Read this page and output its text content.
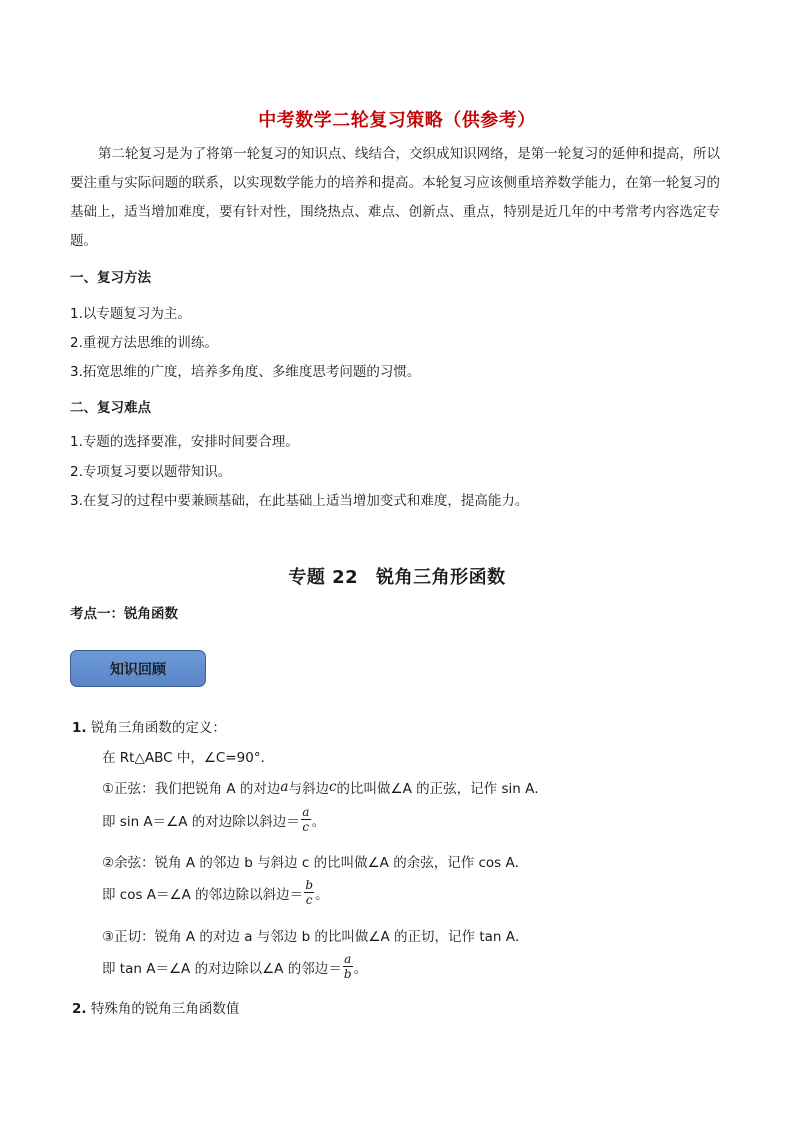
中考数学二轮复习策略（供参考）
第二轮复习是为了将第一轮复习的知识点、线结合，交织成知识网络，是第一轮复习的延伸和提高，所以要注重与实际问题的联系，以实现数学能力的培养和提高。本轮复习应该侧重培养数学能力，在第一轮复习的基础上，适当增加难度，要有针对性，围绕热点、难点、创新点、重点，特别是近几年的中考常考内容选定专题。
一、复习方法
1.以专题复习为主。
2.重视方法思维的训练。
3.拓宽思维的广度，培养多角度、多维度思考问题的习惯。
二、复习难点
1.专题的选择要准，安排时间要合理。
2.专项复习要以题带知识。
3.在复习的过程中要兼顾基础，在此基础上适当增加变式和难度，提高能力。
专题 22 锐角三角形函数
考点一：锐角函数
知识回顾
1. 锐角三角函数的定义：
在 Rt△ABC 中，∠C=90°．
①正弦：我们把锐角 A 的对边 a 与斜边 c 的比叫做∠A 的正弦，记作 sin A．
即 sin A＝∠A 的对边除以斜边＝ $\frac{a}{c}$ 。
②余弦：锐角 A 的邻边 b 与斜边 c 的比叫做∠A 的余弦，记作 cos A．
即 cos A＝∠A 的邻边除以斜边＝ $\frac{b}{c}$ 。
③正切：锐角 A 的对边 a 与邻边 b 的比叫做∠A 的正切，记作 tan A．
即 tan A＝∠A 的对边除以∠A 的邻边＝ $\frac{a}{b}$ 。
2. 特殊角的锐角三角函数值
